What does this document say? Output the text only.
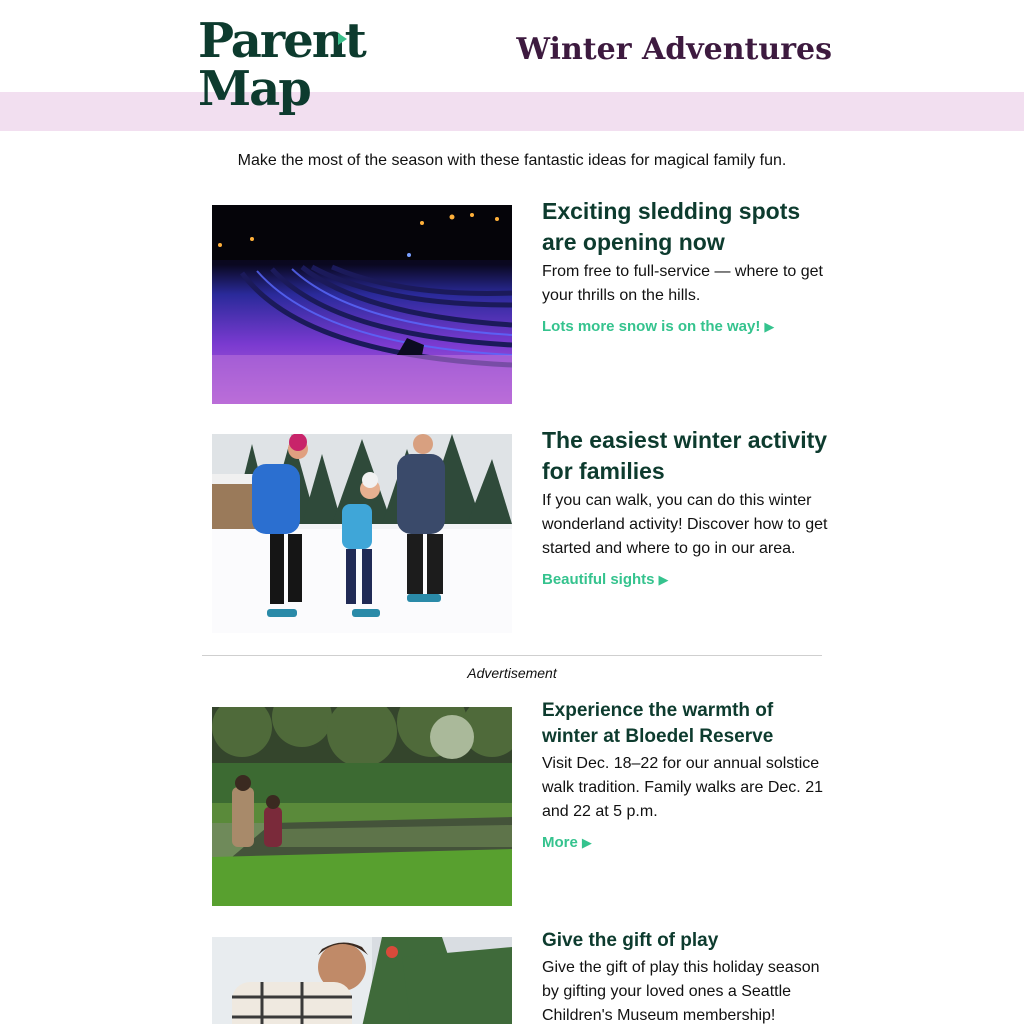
Parent
Map
Winter Adventures
Make the most of the season with these fantastic ideas for magical family fun.
Exciting sledding spots are opening now

From free to full-service — where to get your thrills on the hills.

Lots more snow is on the way! ▶
The easiest winter activity for families

If you can walk, you can do this winter wonderland activity! Discover how to get started and where to go in our area.

Beautiful sights ▶
Advertisement
Experience the warmth of winter at Bloedel Reserve

Visit Dec. 18–22 for our annual solstice walk tradition. Family walks are Dec. 21 and 22 at 5 p.m.

More ▶
Give the gift of play

Give the gift of play this holiday season by gifting your loved ones a Seattle Children's Museum membership!
